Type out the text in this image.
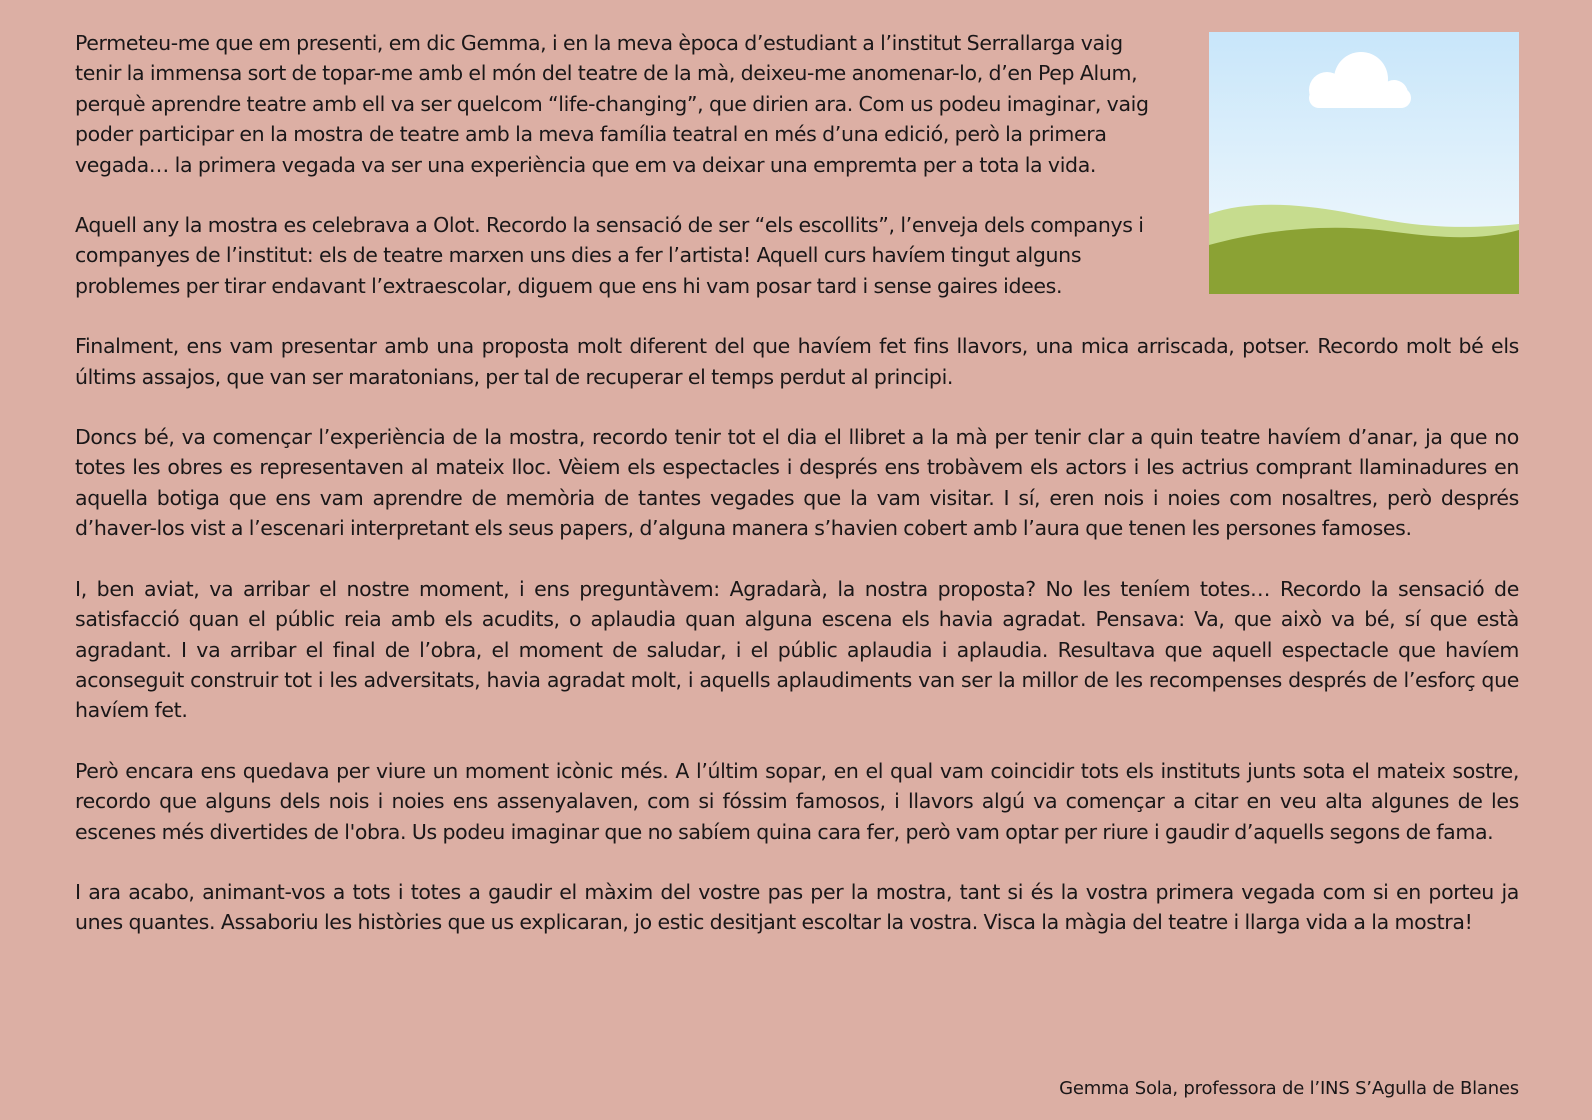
Permeteu-me que em presenti, em dic Gemma, i en la meva època d’estudiant a l’institut Serrallarga vaig tenir la immensa sort de topar-me amb el món del teatre de la mà, deixeu-me anomenar-lo, d’en Pep Alum, perquè aprendre teatre amb ell va ser quelcom “life-changing”, que dirien ara. Com us podeu imaginar, vaig poder participar en la mostra de teatre amb la meva família teatral en més d’una edició, però la primera vegada… la primera vegada va ser una experiència que em va deixar una empremta per a tota la vida.

Aquell any la mostra es celebrava a Olot. Recordo la sensació de ser “els escollits”, l’enveja dels companys i companyes de l’institut: els de teatre marxen uns dies a fer l’artista! Aquell curs havíem tingut alguns problemes per tirar endavant l’extraescolar, diguem que ens hi vam posar tard i sense gaires idees.

Finalment, ens vam presentar amb una proposta molt diferent del que havíem fet fins llavors, una mica arriscada, potser. Recordo molt bé els últims assajos, que van ser maratonians, per tal de recuperar el temps perdut al principi.

Doncs bé, va començar l’experiència de la mostra, recordo tenir tot el dia el llibret a la mà per tenir clar a quin teatre havíem d’anar, ja que no totes les obres es representaven al mateix lloc. Vèiem els espectacles i després ens trobàvem els actors i les actrius comprant llaminadures en aquella botiga que ens vam aprendre de memòria de tantes vegades que la vam visitar. I sí, eren nois i noies com nosaltres, però després d’haver-los vist a l’escenari interpretant els seus papers, d’alguna manera s’havien cobert amb l’aura que tenen les persones famoses.

I, ben aviat, va arribar el nostre moment, i ens preguntàvem: Agradarà, la nostra proposta? No les teníem totes… Recordo la sensació de satisfacció quan el públic reia amb els acudits, o aplaudia quan alguna escena els havia agradat. Pensava: Va, que això va bé, sí que està agradant. I va arribar el final de l’obra, el moment de saludar, i el públic aplaudia i aplaudia. Resultava que aquell espectacle que havíem aconseguit construir tot i les adversitats, havia agradat molt, i aquells aplaudiments van ser la millor de les recompenses després de l’esforç que havíem fet.

Però encara ens quedava per viure un moment icònic més. A l’últim sopar, en el qual vam coincidir tots els instituts junts sota el mateix sostre, recordo que alguns dels nois i noies ens assenyalaven, com si fóssim famosos, i llavors algú va començar a citar en veu alta algunes de les escenes més divertides de l'obra. Us podeu imaginar que no sabíem quina cara fer, però vam optar per riure i gaudir d’aquells segons de fama.

I ara acabo, animant-vos a tots i totes a gaudir el màxim del vostre pas per la mostra, tant si és la vostra primera vegada com si en porteu ja unes quantes. Assaboriu les històries que us explicaran, jo estic desitjant escoltar la vostra. Visca la màgia del teatre i llarga vida a la mostra!

Gemma Sola, professora de l’INS S’Agulla de Blanes
